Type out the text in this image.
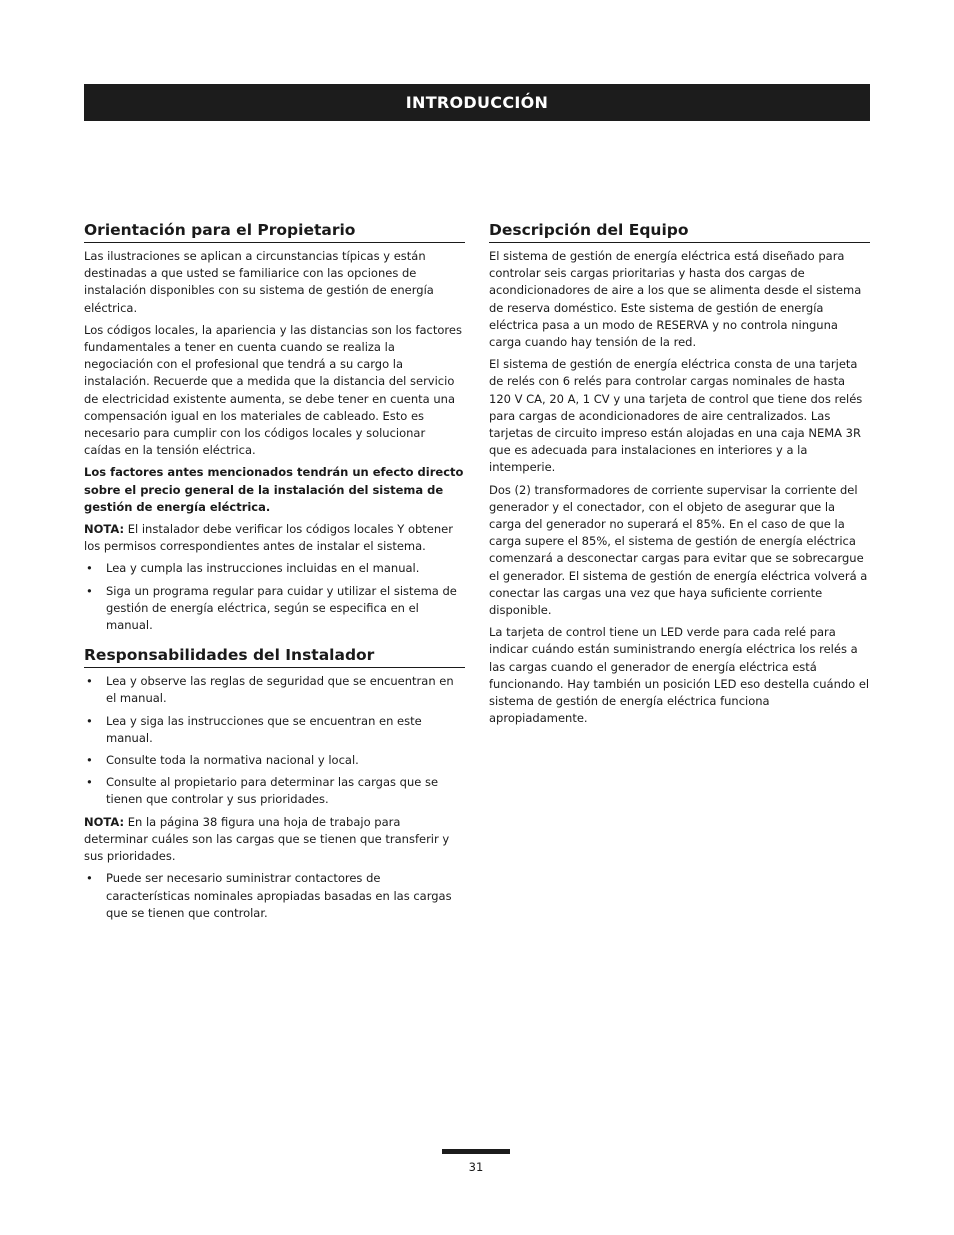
INTRODUCCIÓN
Orientación para el Propietario

Las ilustraciones se aplican a circunstancias típicas y están destinadas a que usted se familiarice con las opciones de instalación disponibles con su sistema de gestión de energía eléctrica.

Los códigos locales, la apariencia y las distancias son los factores fundamentales a tener en cuenta cuando se realiza la negociación con el profesional que tendrá a su cargo la instalación. Recuerde que a medida que la distancia del servicio de electricidad existente aumenta, se debe tener en cuenta una compensación igual en los materiales de cableado. Esto es necesario para cumplir con los códigos locales y solucionar caídas en la tensión eléctrica.

Los factores antes mencionados tendrán un efecto directo sobre el precio general de la instalación del sistema de gestión de energía eléctrica.

NOTA: El instalador debe verificar los códigos locales Y obtener los permisos correspondientes antes de instalar el sistema.

• Lea y cumpla las instrucciones incluidas en el manual.
• Siga un programa regular para cuidar y utilizar el sistema de gestión de energía eléctrica, según se especifica en el manual.
Responsabilidades del Instalador
• Lea y observe las reglas de seguridad que se encuentran en el manual.
• Lea y siga las instrucciones que se encuentran en este manual.
• Consulte toda la normativa nacional y local.
• Consulte al propietario para determinar las cargas que se tienen que controlar y sus prioridades.

NOTA: En la página 38 figura una hoja de trabajo para determinar cuáles son las cargas que se tienen que transferir y sus prioridades.

• Puede ser necesario suministrar contactores de características nominales apropiadas basadas en las cargas que se tienen que controlar.
Descripción del Equipo

El sistema de gestión de energía eléctrica está diseñado para controlar seis cargas prioritarias y hasta dos cargas de acondicionadores de aire a los que se alimenta desde el sistema de reserva doméstico. Este sistema de gestión de energía eléctrica pasa a un modo de RESERVA y no controla ninguna carga cuando hay tensión de la red.

El sistema de gestión de energía eléctrica consta de una tarjeta de relés con 6 relés para controlar cargas nominales de hasta 120 V CA, 20 A, 1 CV y una tarjeta de control que tiene dos relés para cargas de acondicionadores de aire centralizados. Las tarjetas de circuito impreso están alojadas en una caja NEMA 3R que es adecuada para instalaciones en interiores y a la intemperie.

Dos (2) transformadores de corriente supervisar la corriente del generador y el conectador, con el objeto de asegurar que la carga del generador no superará el 85%. En el caso de que la carga supere el 85%, el sistema de gestión de energía eléctrica comenzará a desconectar cargas para evitar que se sobrecargue el generador. El sistema de gestión de energía eléctrica volverá a conectar las cargas una vez que haya suficiente corriente disponible.

La tarjeta de control tiene un LED verde para cada relé para indicar cuándo están suministrando energía eléctrica los relés a las cargas cuando el generador de energía eléctrica está funcionando. Hay también un posición LED eso destella cuándo el sistema de gestión de energía eléctrica funciona apropiadamente.

31
